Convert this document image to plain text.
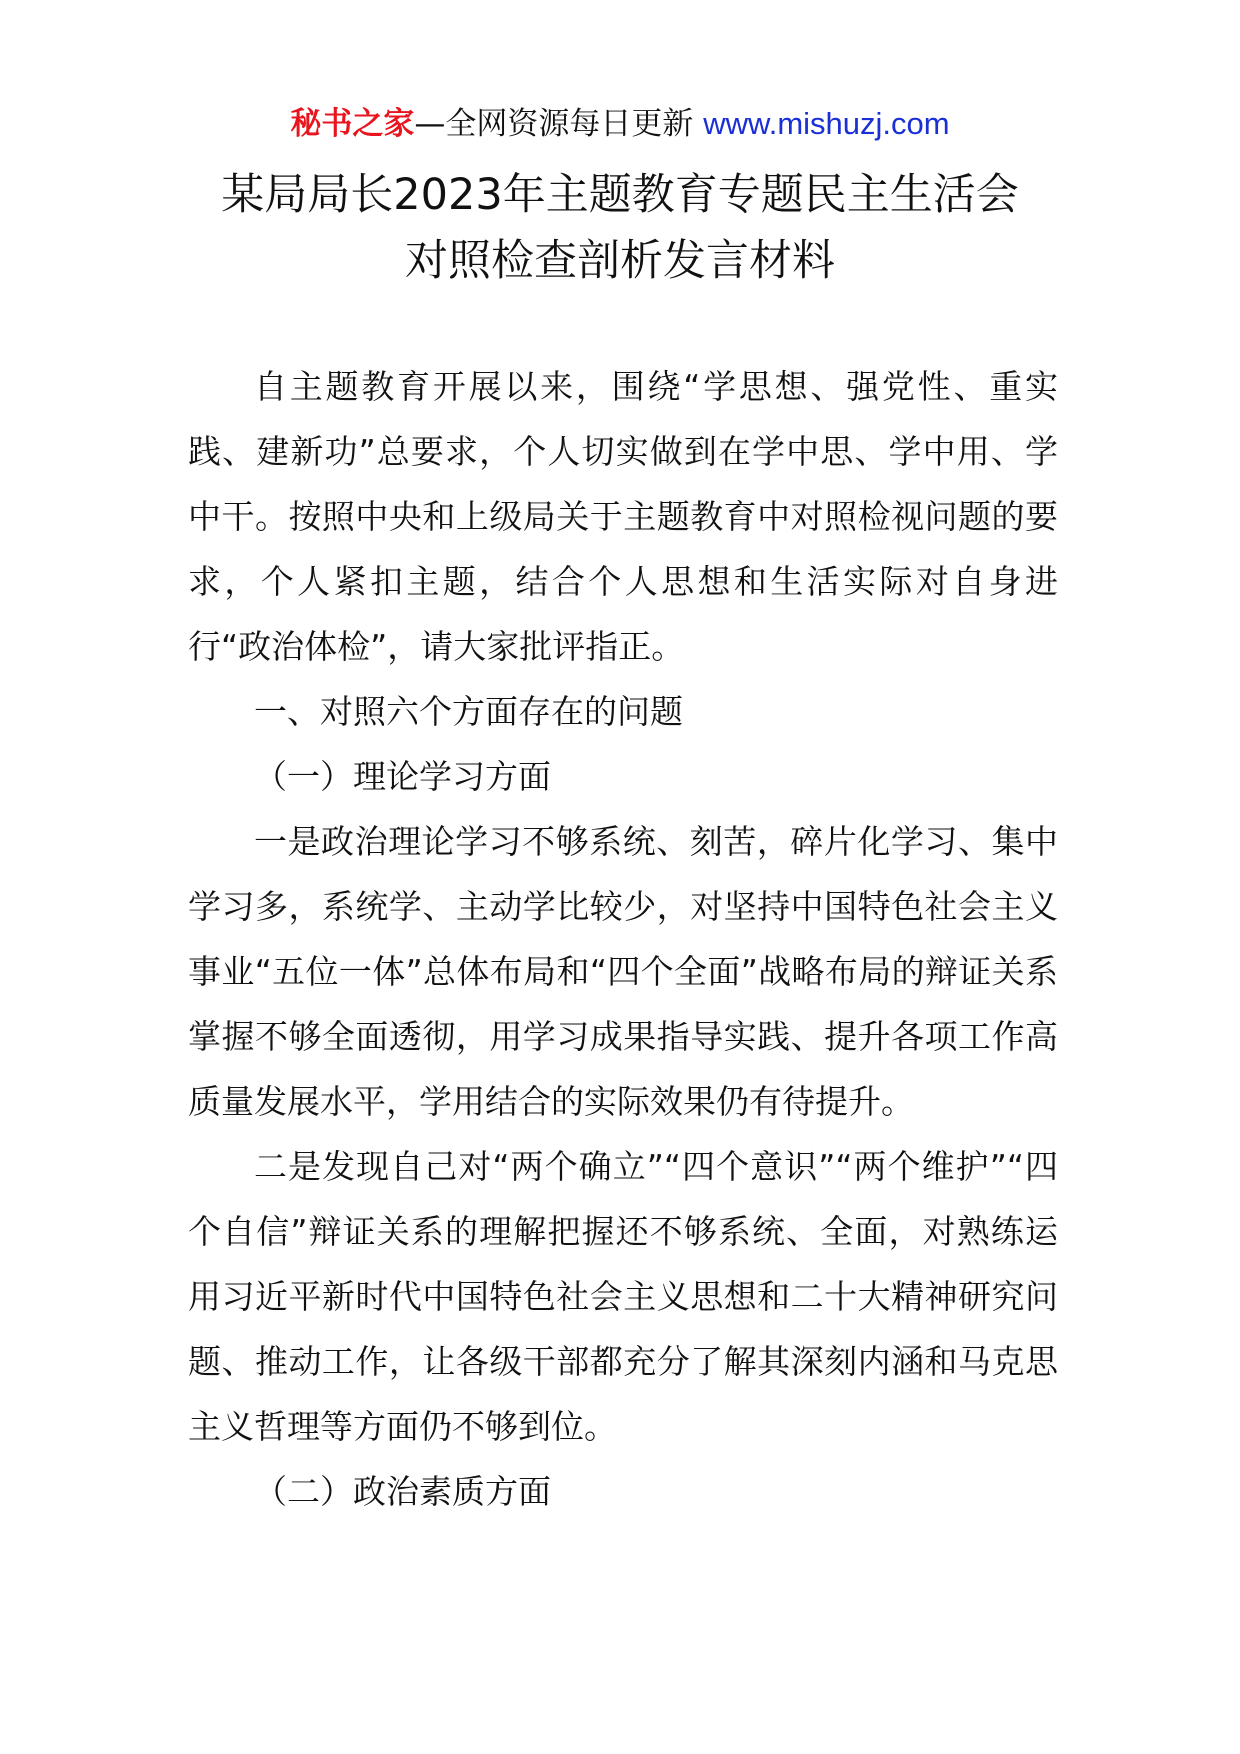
秘书之家—全网资源每日更新 www.mishuzj.com
某局局长2023年主题教育专题民主生活会
对照检查剖析发言材料

自主题教育开展以来，围绕“学思想、强党性、重实践、建新功”总要求，个人切实做到在学中思、学中用、学中干。按照中央和上级局关于主题教育中对照检视问题的要求，个人紧扣主题，结合个人思想和生活实际对自身进行“政治体检”，请大家批评指正。

一、对照六个方面存在的问题

（一）理论学习方面

一是政治理论学习不够系统、刻苦，碎片化学习、集中学习多，系统学、主动学比较少，对坚持中国特色社会主义事业“五位一体”总体布局和“四个全面”战略布局的辩证关系掌握不够全面透彻，用学习成果指导实践、提升各项工作高质量发展水平，学用结合的实际效果仍有待提升。

二是发现自己对“两个确立”“四个意识”“两个维护”“四个自信”辩证关系的理解把握还不够系统、全面，对熟练运用习近平新时代中国特色社会主义思想和二十大精神研究问题、推动工作，让各级干部都充分了解其深刻内涵和马克思主义哲理等方面仍不够到位。

（二）政治素质方面
